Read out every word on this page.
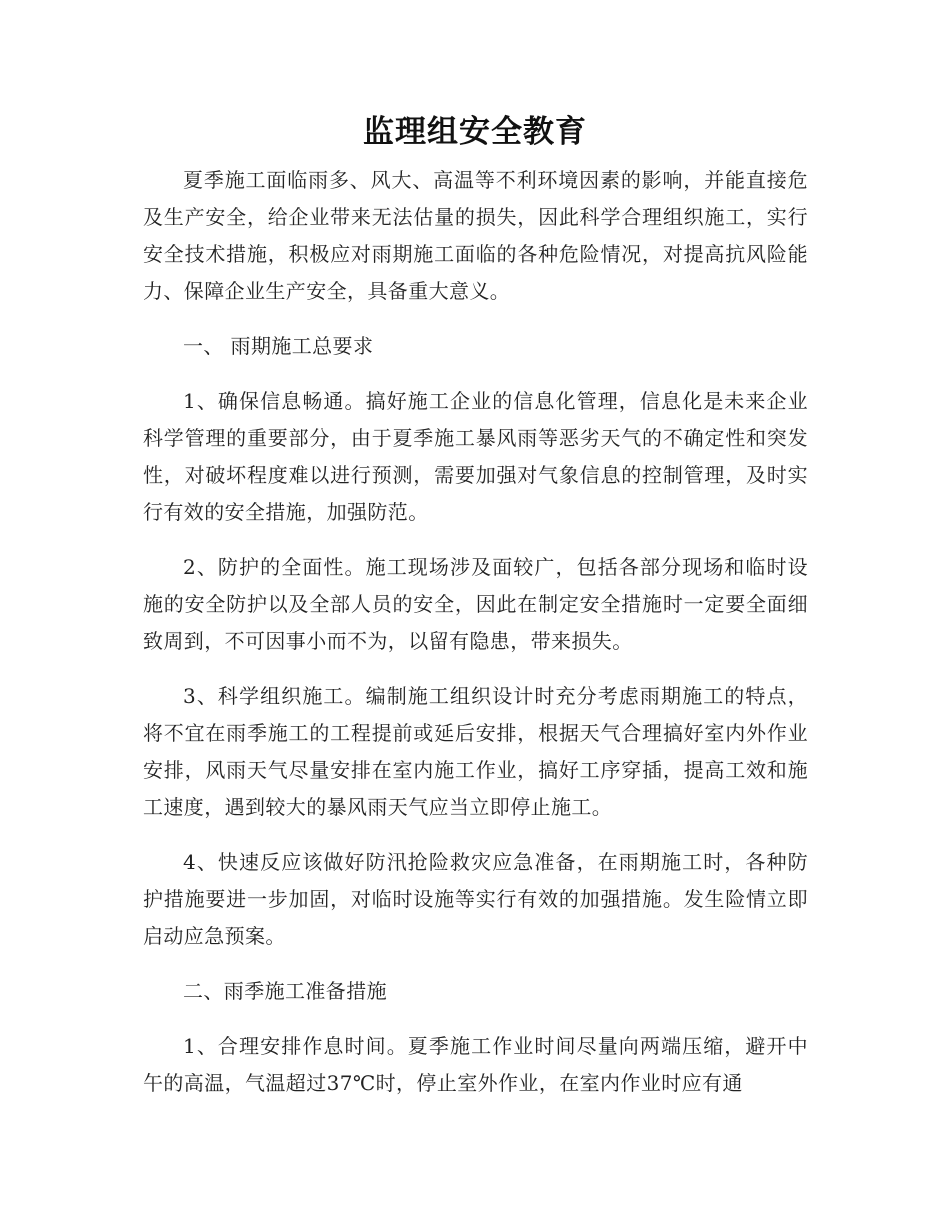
监理组安全教育

夏季施工面临雨多、风大、高温等不利环境因素的影响，并能直接危及生产安全，给企业带来无法估量的损失，因此科学合理组织施工，实行安全技术措施，积极应对雨期施工面临的各种危险情况，对提高抗风险能力、保障企业生产安全，具备重大意义。

一、 雨期施工总要求

1、确保信息畅通。搞好施工企业的信息化管理，信息化是未来企业科学管理的重要部分，由于夏季施工暴风雨等恶劣天气的不确定性和突发性，对破坏程度难以进行预测，需要加强对气象信息的控制管理，及时实行有效的安全措施，加强防范。

2、防护的全面性。施工现场涉及面较广，包括各部分现场和临时设施的安全防护以及全部人员的安全，因此在制定安全措施时一定要全面细致周到，不可因事小而不为，以留有隐患，带来损失。

3、科学组织施工。编制施工组织设计时充分考虑雨期施工的特点，将不宜在雨季施工的工程提前或延后安排，根据天气合理搞好室内外作业安排，风雨天气尽量安排在室内施工作业，搞好工序穿插，提高工效和施工速度，遇到较大的暴风雨天气应当立即停止施工。

4、快速反应该做好防汛抢险救灾应急准备，在雨期施工时，各种防护措施要进一步加固，对临时设施等实行有效的加强措施。发生险情立即启动应急预案。

二、雨季施工准备措施

1、合理安排作息时间。夏季施工作业时间尽量向两端压缩，避开中午的高温，气温超过37℃时，停止室外作业，在室内作业时应有通
